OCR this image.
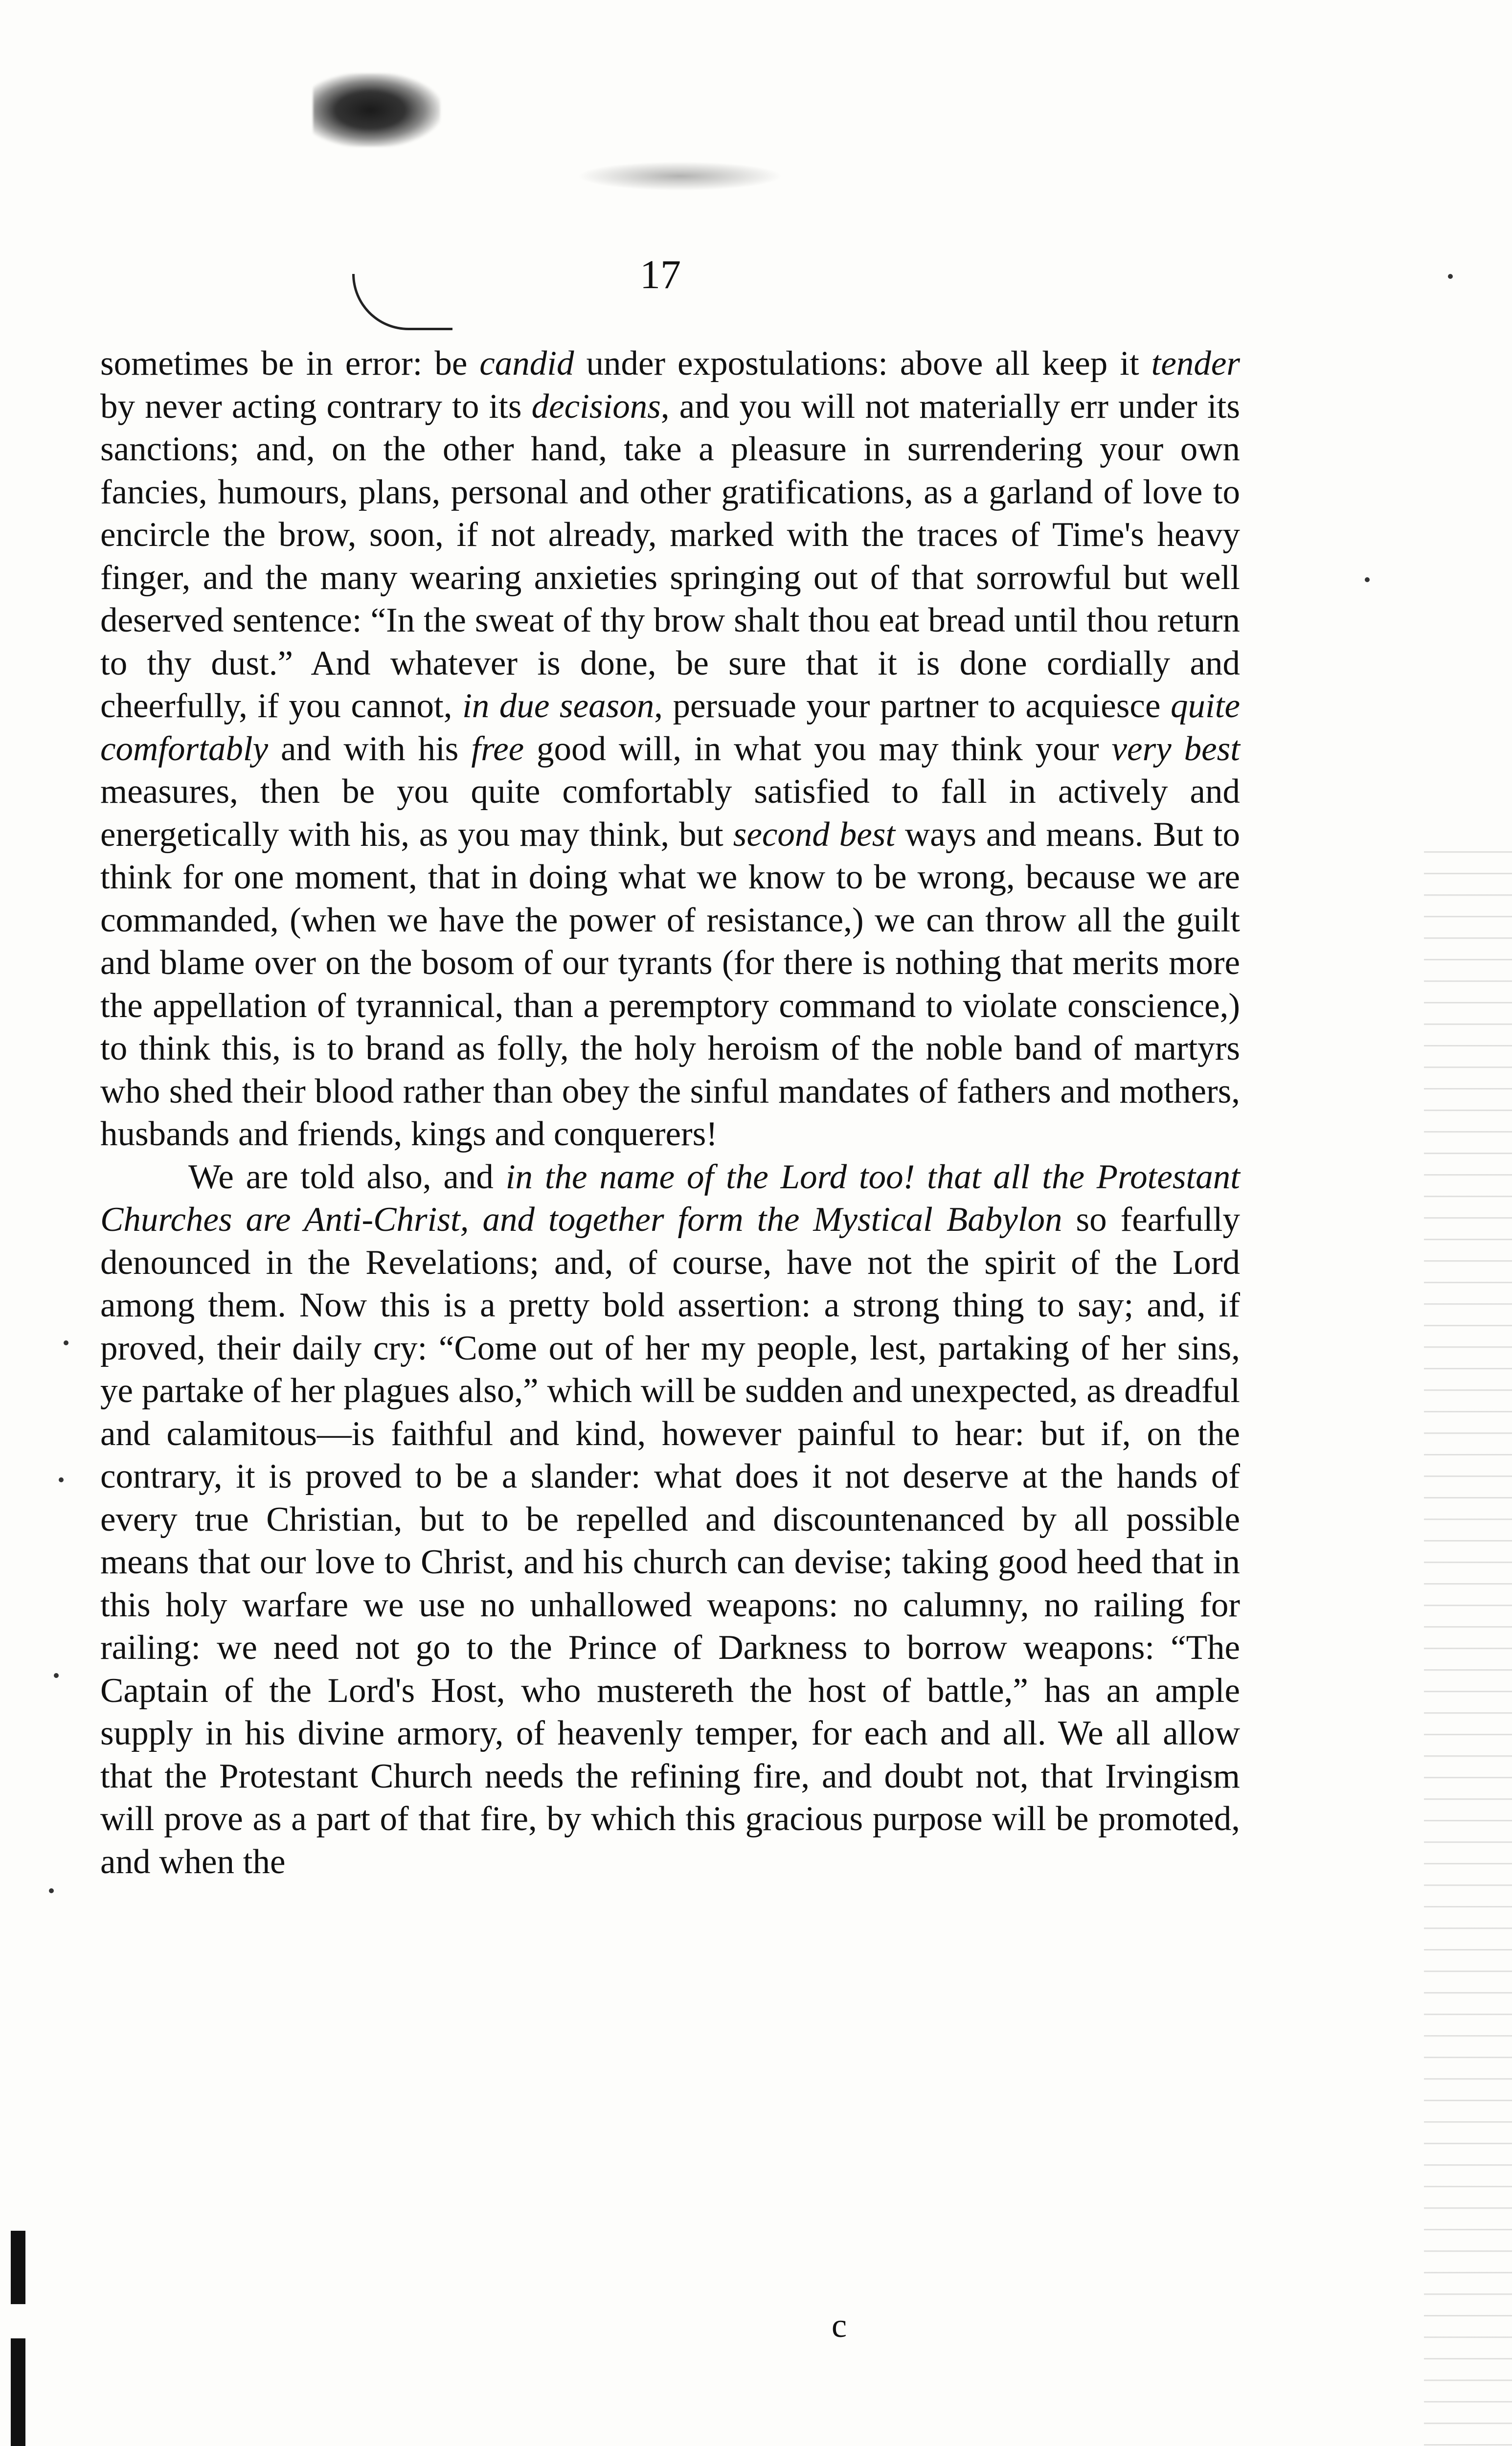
17

sometimes be in error: be candid under expostulations: above all keep it tender by never acting contrary to its decisions, and you will not materially err under its sanctions; and, on the other hand, take a pleasure in surrendering your own fancies, humours, plans, personal and other gratifications, as a garland of love to encircle the brow, soon, if not already, marked with the traces of Time's heavy finger, and the many wearing anxieties springing out of that sorrowful but well deserved sentence: “In the sweat of thy brow shalt thou eat bread until thou return to thy dust.” And whatever is done, be sure that it is done cordially and cheerfully, if you cannot, in due season, persuade your partner to acquiesce quite comfortably and with his free good will, in what you may think your very best measures, then be you quite comfortably satisfied to fall in actively and energetically with his, as you may think, but second best ways and means. But to think for one moment, that in doing what we know to be wrong, because we are commanded, (when we have the power of resistance,) we can throw all the guilt and blame over on the bosom of our tyrants (for there is nothing that merits more the appellation of tyrannical, than a peremptory command to violate conscience,) to think this, is to brand as folly, the holy heroism of the noble band of martyrs who shed their blood rather than obey the sinful mandates of fathers and mothers, husbands and friends, kings and conquerers!

We are told also, and in the name of the Lord too! that all the Protestant Churches are Anti-Christ, and together form the Mystical Babylon so fearfully denounced in the Revelations; and, of course, have not the spirit of the Lord among them. Now this is a pretty bold assertion: a strong thing to say; and, if proved, their daily cry: “Come out of her my people, lest, partaking of her sins, ye partake of her plagues also,” which will be sudden and unexpected, as dreadful and calamitous—is faithful and kind, however painful to hear: but if, on the contrary, it is proved to be a slander: what does it not deserve at the hands of every true Christian, but to be repelled and discountenanced by all possible means that our love to Christ, and his church can devise; taking good heed that in this holy warfare we use no unhallowed weapons: no calumny, no railing for railing: we need not go to the Prince of Darkness to borrow weapons: “The Captain of the Lord's Host, who mustereth the host of battle,” has an ample supply in his divine armory, of heavenly temper, for each and all. We all allow that the Protestant Church needs the refining fire, and doubt not, that Irvingism will prove as a part of that fire, by which this gracious purpose will be promoted, and when the

c
